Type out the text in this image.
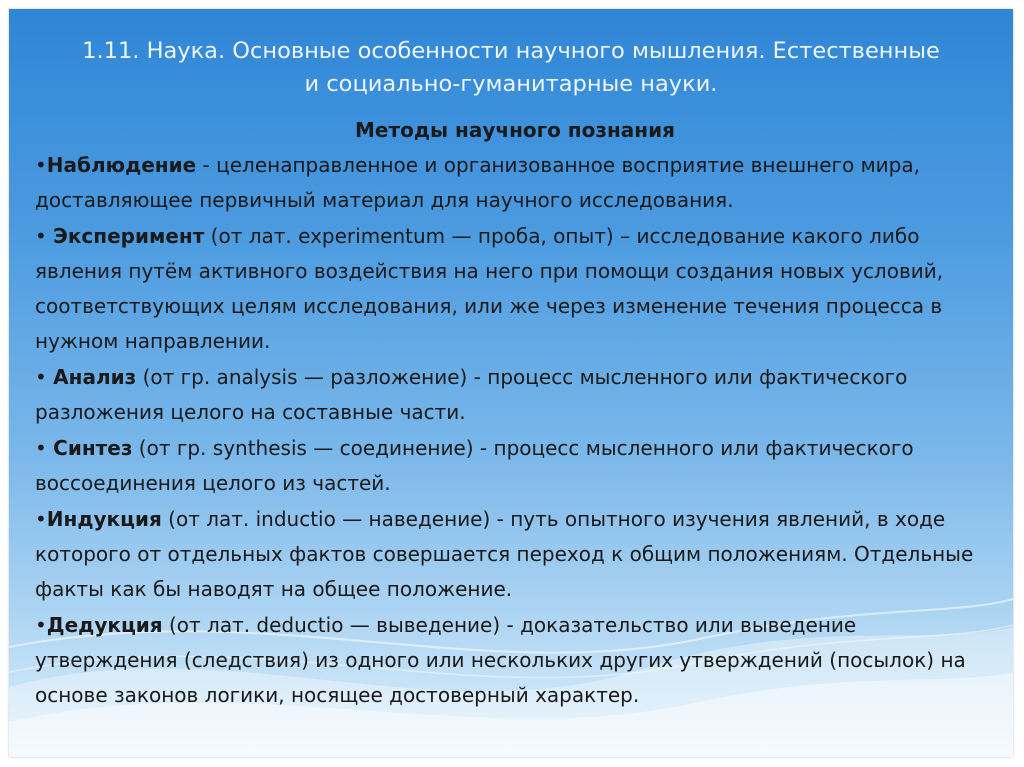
1.11. Наука. Основные особенности научного мышления. Естественные
и социально-гуманитарные науки.
Методы научного познания
•Наблюдение - целенаправленное и организованное восприятие внешнего мира, доставляющее первичный материал для научного исследования.
• Эксперимент (от лат. experimentum — проба, опыт) – исследование какого либо явления путём активного воздействия на него при помощи создания новых условий, соответствующих целям исследования, или же через изменение течения процесса в нужном направлении.
• Анализ (от гр. analysis — разложение) - процесс мысленного или фактического разложения целого на составные части.
• Синтез (от гр. synthesis — соединение) - процесс мысленного или фактического воссоединения целого из частей.
•Индукция (от лат. inductio — наведение) - путь опытного изучения явлений, в ходе которого от отдельных фактов совершается переход к общим положениям. Отдельные факты как бы наводят на общее положение.
•Дедукция (от лат. deductio — выведение) - доказательство или выведение утверждения (следствия) из одного или нескольких других утверждений (посылок) на основе законов логики, носящее достоверный характер.
